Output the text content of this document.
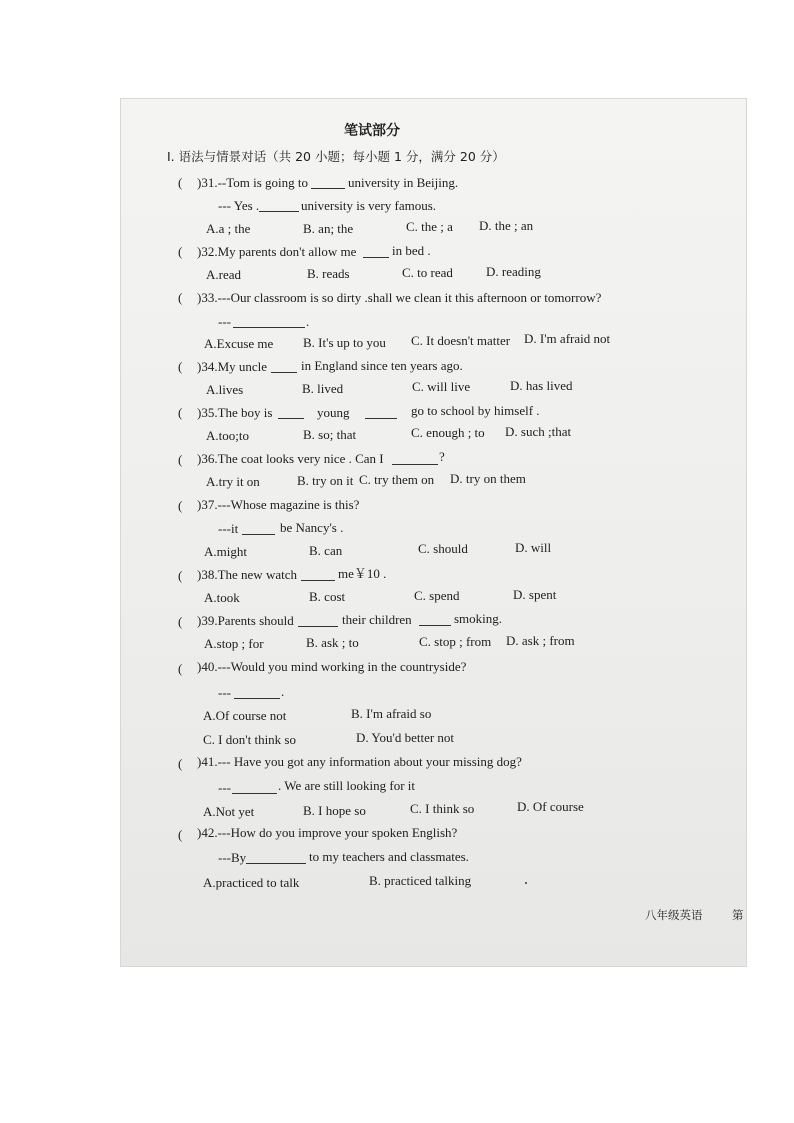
笔试部分
Ⅰ. 语法与情景对话（共 20 小题；每小题 1 分，满分 20 分）
( )31.--Tom is going to	university in Beijing.
--- Yes .	university is very famous.
A.a ; the	B. an; the	C. the ; a D. the ; an
( )32.My parents don't allow me	in bed .
A.read	B. reads	C. to read	D. reading
( )33.---Our classroom is so dirty .shall we clean it this afternoon or tomorrow?
---	.
A.Excuse me B. It's up to you C. It doesn't matter D. I'm afraid not
( )34.My uncle	in England since ten years ago.
A.lives	B. lived	C. will live	D. has lived
( )35.The boy is	young	go to school by himself .
A.too;to	B. so; that	C. enough ; to D. such ;that
( )36.The coat looks very nice . Can I	?
A.try it on	B. try on it C. try them on D. try on them
( )37.---Whose magazine is this?
---it	be Nancy's .
A.might	B. can	C. should	D. will
( )38.The new watch	me￥10 .
A.took	B. cost	C. spend	D. spent
( )39.Parents should	their children	smoking.
A.stop ; for	B. ask ; to	C. stop ; from D. ask ; from
( )40.---Would you mind working in the countryside?
---	.
A.Of course not	B. I'm afraid so
C. I don't think so	D. You'd better not
( )41.--- Have you got any information about your missing dog?
---	. We are still looking for it
A.Not yet	B. I hope so	C. I think so	D. Of course
( )42.---How do you improve your spoken English?
---By	to my teachers and classmates.
A.practiced to talk	B. practiced talking
八年级英语	第
